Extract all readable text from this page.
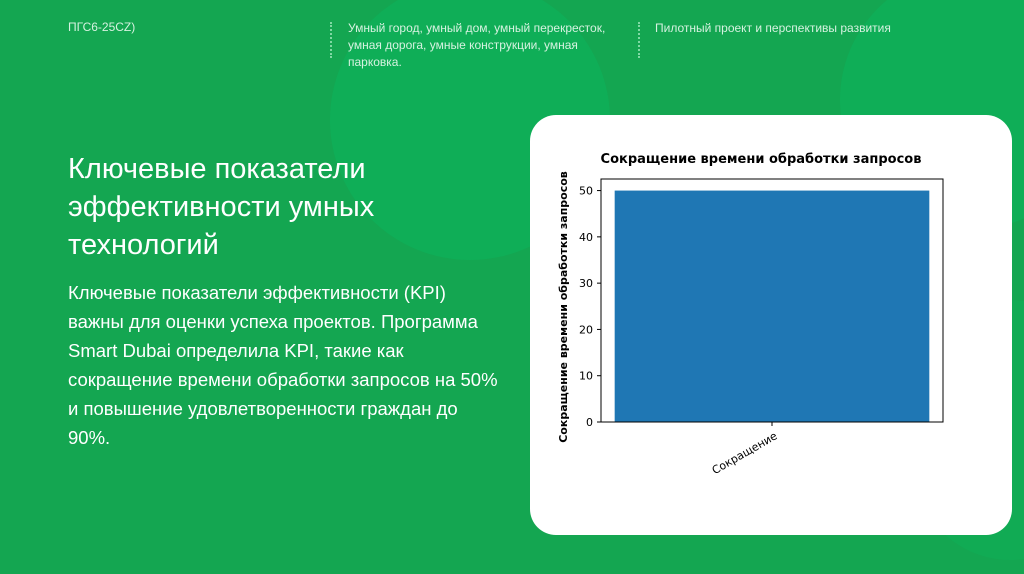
ПГС6-25CZ)	Умный город, умный дом, умный перекресток, умная дорога, умные конструкции, умная парковка.
Пилотный проект и перспективы развития
Ключевые показатели эффективности умных технологий
Ключевые показатели эффективности (KPI) важны для оценки успеха проектов. Программа Smart Dubai определила KPI, такие как сокращение времени обработки запросов на 50% и повышение удовлетворенности граждан до 90%.
Сокращение времени обработки запросов
Сокращение времени обработки запросов
Сокращение
0
10
20
30
40
50
